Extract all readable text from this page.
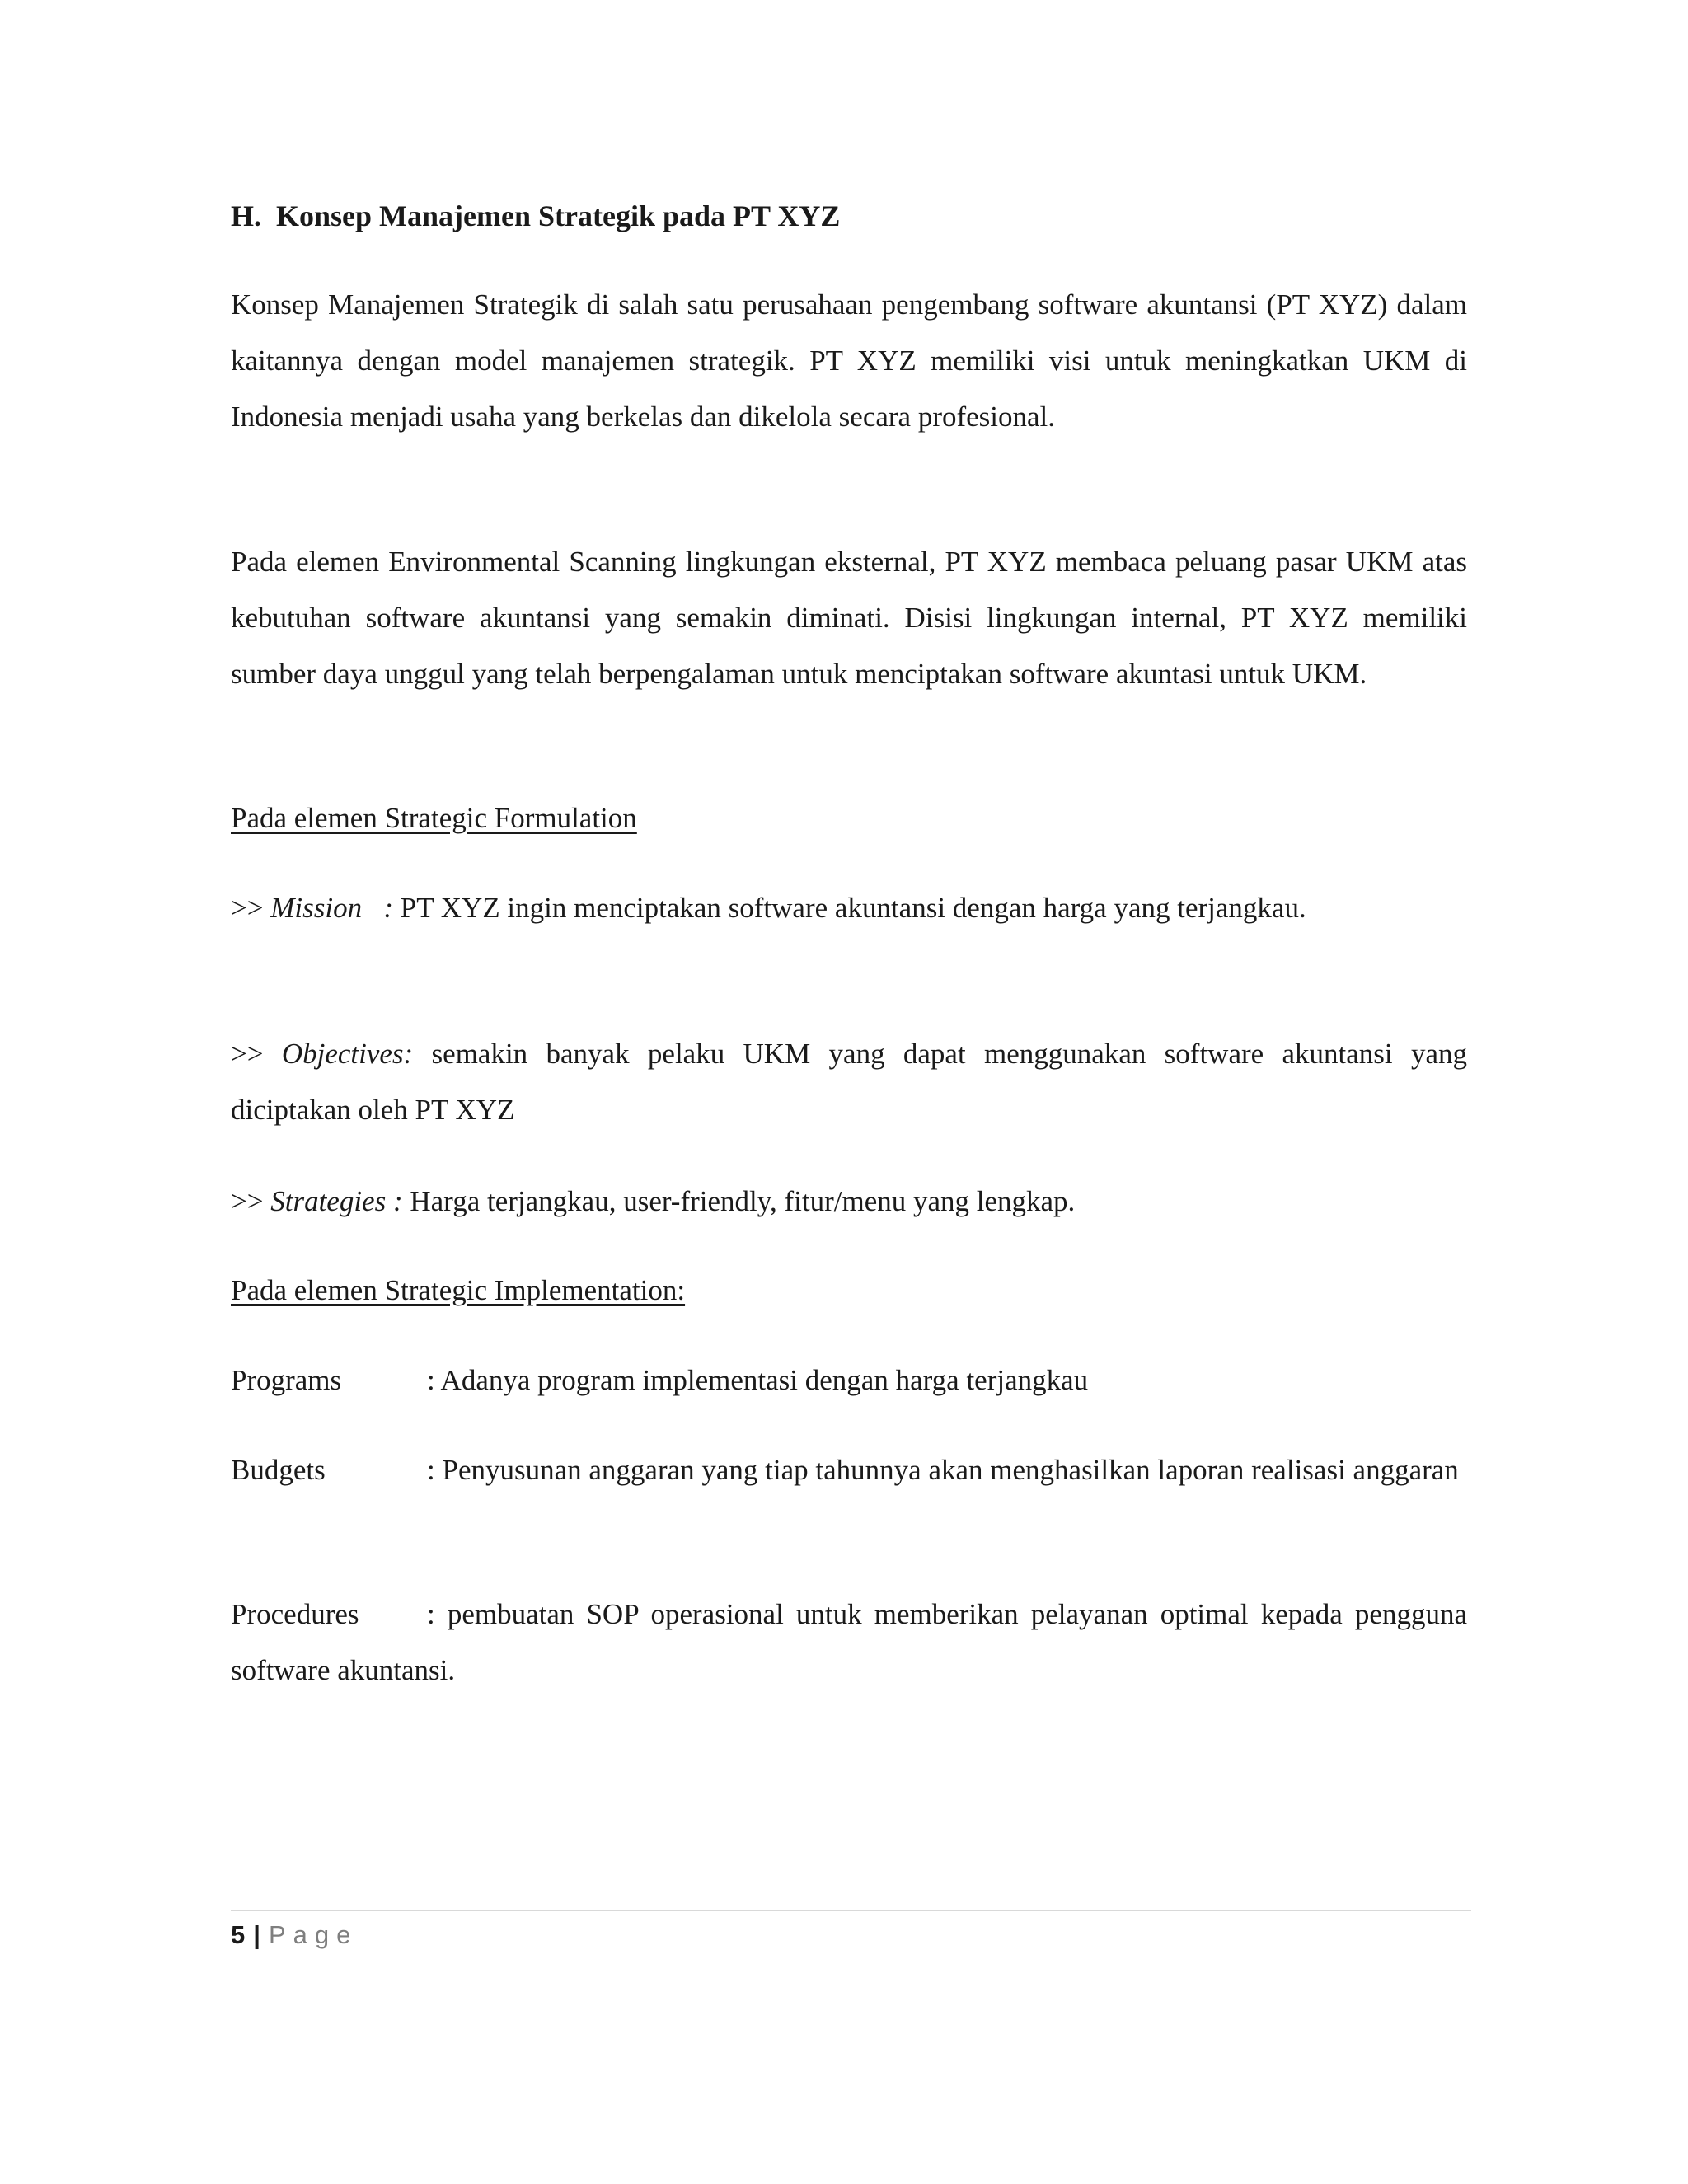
H. Konsep Manajemen Strategik pada PT XYZ

Konsep Manajemen Strategik di salah satu perusahaan pengembang software akuntansi (PT XYZ) dalam kaitannya dengan model manajemen strategik. PT XYZ memiliki visi untuk meningkatkan UKM di Indonesia menjadi usaha yang berkelas dan dikelola secara profesional.

Pada elemen Environmental Scanning lingkungan eksternal, PT XYZ membaca peluang pasar UKM atas kebutuhan software akuntansi yang semakin diminati. Disisi lingkungan internal, PT XYZ memiliki sumber daya unggul yang telah berpengalaman untuk menciptakan software akuntasi untuk UKM.

Pada elemen Strategic Formulation

>> Mission : PT XYZ ingin menciptakan software akuntansi dengan harga yang terjangkau.

>> Objectives: semakin banyak pelaku UKM yang dapat menggunakan software akuntansi yang diciptakan oleh PT XYZ

>> Strategies : Harga terjangkau, user-friendly, fitur/menu yang lengkap.

Pada elemen Strategic Implementation:

Programs	: Adanya program implementasi dengan harga terjangkau

Budgets	: Penyusunan anggaran yang tiap tahunnya akan menghasilkan laporan realisasi anggaran

Procedures : pembuatan SOP operasional untuk memberikan pelayanan optimal kepada pengguna software akuntansi.

5 | Page
